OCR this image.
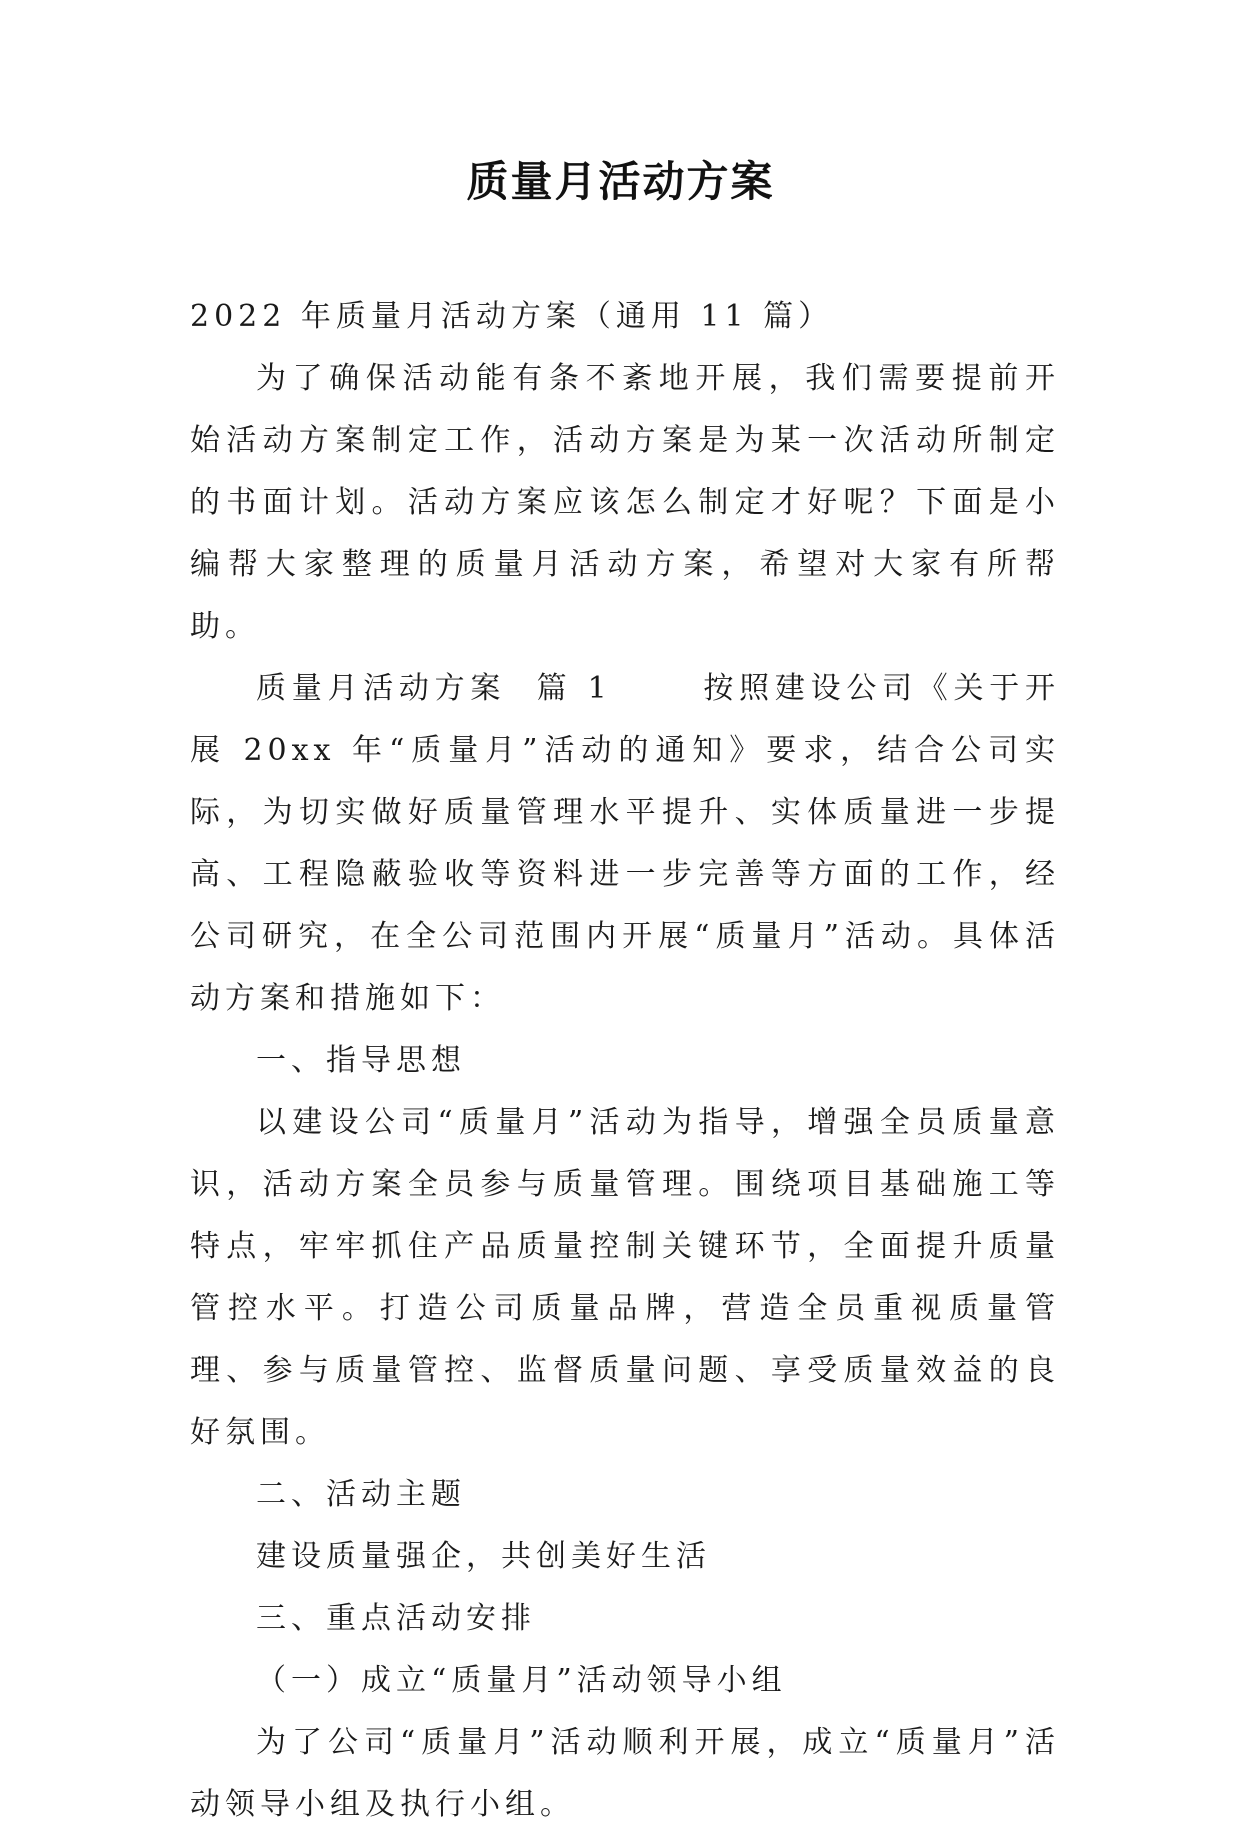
质量月活动方案

2022 年质量月活动方案（通用 11 篇）

为了确保活动能有条不紊地开展，我们需要提前开始活动方案制定工作，活动方案是为某一次活动所制定的书面计划。活动方案应该怎么制定才好呢？下面是小编帮大家整理的质量月活动方案，希望对大家有所帮助。

质量月活动方案  篇 1      按照建设公司《关于开展 20xx 年“质量月”活动的通知》要求，结合公司实际，为切实做好质量管理水平提升、实体质量进一步提高、工程隐蔽验收等资料进一步完善等方面的工作，经公司研究，在全公司范围内开展“质量月”活动。具体活动方案和措施如下：

一、指导思想

以建设公司“质量月”活动为指导，增强全员质量意识，活动方案全员参与质量管理。围绕项目基础施工等特点，牢牢抓住产品质量控制关键环节，全面提升质量管控水平。打造公司质量品牌，营造全员重视质量管理、参与质量管控、监督质量问题、享受质量效益的良好氛围。

二、活动主题

建设质量强企，共创美好生活

三、重点活动安排

（一）成立“质量月”活动领导小组

为了公司“质量月”活动顺利开展，成立“质量月”活动领导小组及执行小组。
